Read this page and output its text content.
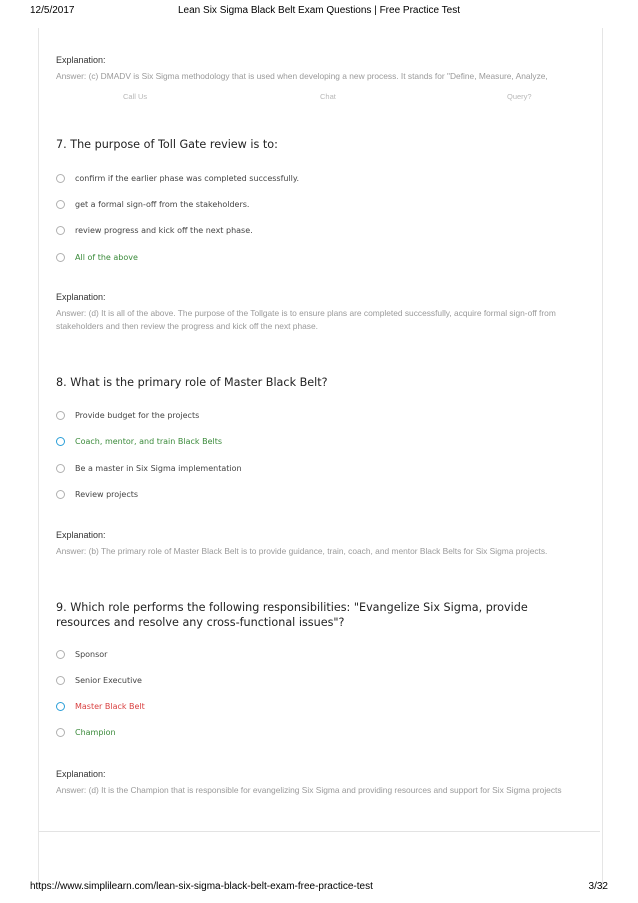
12/5/2017	Lean Six Sigma Black Belt Exam Questions | Free Practice Test
Explanation:
Answer: (c) DMADV is Six Sigma methodology that is used when developing a new process. It stands for "Define, Measure, Analyze,
Call Us	Chat	Query?
7. The purpose of Toll Gate review is to:
confirm if the earlier phase was completed successfully.
get a formal sign-off from the stakeholders.
review progress and kick off the next phase.
All of the above
Explanation:
Answer: (d) It is all of the above. The purpose of the Tollgate is to ensure plans are completed successfully, acquire formal sign-off from stakeholders and then review the progress and kick off the next phase.
8. What is the primary role of Master Black Belt?
Provide budget for the projects
Coach, mentor, and train Black Belts
Be a master in Six Sigma implementation
Review projects
Explanation:
Answer: (b) The primary role of Master Black Belt is to provide guidance, train, coach, and mentor Black Belts for Six Sigma projects.
9. Which role performs the following responsibilities: "Evangelize Six Sigma, provide resources and resolve any cross-functional issues"?
Sponsor
Senior Executive
Master Black Belt
Champion
Explanation:
Answer: (d) It is the Champion that is responsible for evangelizing Six Sigma and providing resources and support for Six Sigma projects
https://www.simplilearn.com/lean-six-sigma-black-belt-exam-free-practice-test	3/32
